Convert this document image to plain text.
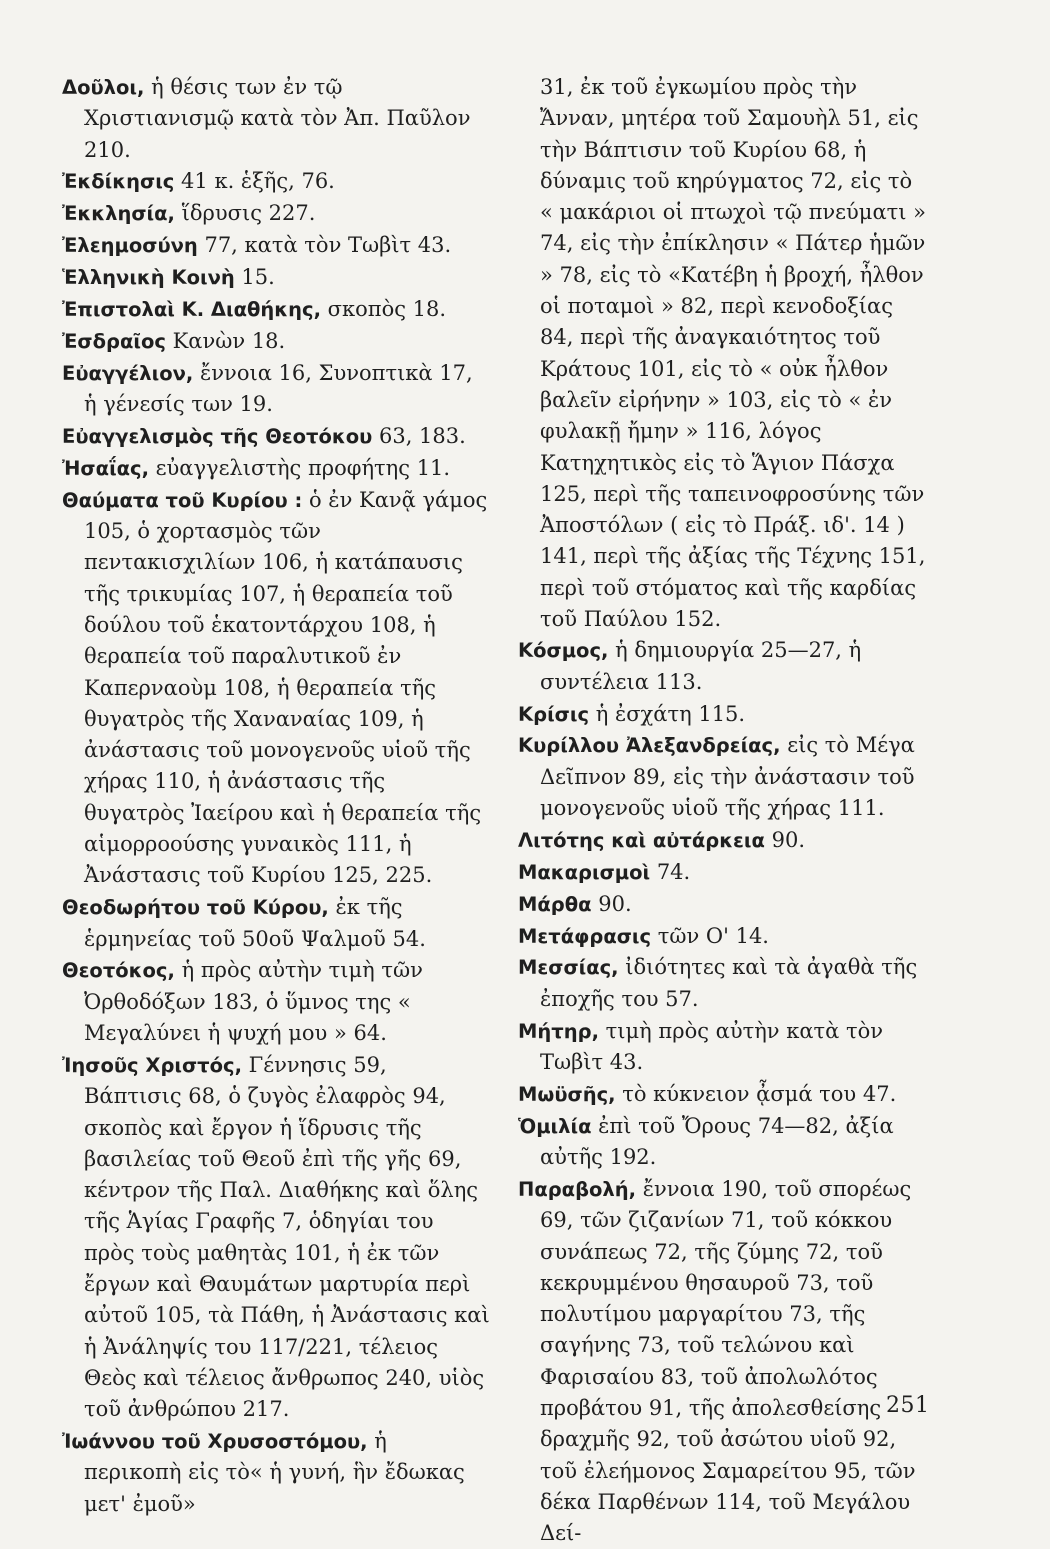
Δοῦλοι, ἡ θέσις των ἐν τῷ Χριστιανισμῷ κατὰ τὸν Ἀπ. Παῦλον 210.

Ἐκδίκησις 41 κ. ἑξῆς, 76.

Ἐκκλησία, ἵδρυσις 227.

Ἐλεημοσύνη 77, κατὰ τὸν Τωβὶτ 43.

Ἑλληνικὴ Κοινὴ 15.

Ἐπιστολαὶ Κ. Διαθήκης, σκοπὸς 18.

Ἐσδραῖος Κανὼν 18.

Εὐαγγέλιον, ἔννοια 16, Συνοπτικὰ 17, ἡ γένεσίς των 19.

Εὐαγγελισμὸς τῆς Θεοτόκου 63, 183.

Ἠσαΐας, εὐαγγελιστὴς προφήτης 11.

Θαύματα τοῦ Κυρίου : ὁ ἐν Κανᾷ γάμος 105, ὁ χορτασμὸς τῶν πεντακισχιλίων 106, ἡ κατάπαυσις τῆς τρικυμίας 107, ἡ θεραπεία τοῦ δούλου τοῦ ἑκατοντάρχου 108, ἡ θεραπεία τοῦ παραλυτικοῦ ἐν Καπερναοὺμ 108, ἡ θεραπεία τῆς θυγατρὸς τῆς Χαναναίας 109, ἡ ἀνάστασις τοῦ μονογενοῦς υἱοῦ τῆς χήρας 110, ἡ ἀνάστασις τῆς θυγατρὸς Ἰαείρου καὶ ἡ θεραπεία τῆς αἱμορροούσης γυναικὸς 111, ἡ Ἀνάστασις τοῦ Κυρίου 125, 225.

Θεοδωρήτου τοῦ Κύρου, ἐκ τῆς ἑρμηνείας τοῦ 50οῦ Ψαλμοῦ 54.

Θεοτόκος, ἡ πρὸς αὐτὴν τιμὴ τῶν Ὀρθοδόξων 183, ὁ ὕμνος της « Μεγαλύνει ἡ ψυχή μου » 64.

Ἰησοῦς Χριστός, Γέννησις 59, Βάπτισις 68, ὁ ζυγὸς ἐλαφρὸς 94, σκοπὸς καὶ ἔργον ἡ ἵδρυσις τῆς βασιλείας τοῦ Θεοῦ ἐπὶ τῆς γῆς 69, κέντρον τῆς Παλ. Διαθήκης καὶ ὅλης τῆς Ἁγίας Γραφῆς 7, ὁδηγίαι του πρὸς τοὺς μαθητὰς 101, ἡ ἐκ τῶν ἔργων καὶ Θαυμάτων μαρτυρία περὶ αὐτοῦ 105, τὰ Πάθη, ἡ Ἀνάστασις καὶ ἡ Ἀνάληψίς του 117/221, τέλειος Θεὸς καὶ τέλειος ἄνθρωπος 240, υἱὸς τοῦ ἀνθρώπου 217.

Ἰωάννου τοῦ Χρυσοστόμου, ἡ περικοπὴ εἰς τὸ« ἡ γυνή, ἣν ἔδωκας μετ' ἐμοῦ»

31, ἐκ τοῦ ἐγκωμίου πρὸς τὴν Ἄνναν, μητέρα τοῦ Σαμουὴλ 51, εἰς τὴν Βάπτισιν τοῦ Κυρίου 68, ἡ δύναμις τοῦ κηρύγματος 72, εἰς τὸ « μακάριοι οἱ πτωχοὶ τῷ πνεύματι » 74, εἰς τὴν ἐπίκλησιν « Πάτερ ἡμῶν » 78, εἰς τὸ «Κατέβη ἡ βροχή, ἦλθον οἱ ποταμοὶ » 82, περὶ κενοδοξίας 84, περὶ τῆς ἀναγκαιότητος τοῦ Κράτους 101, εἰς τὸ « οὐκ ἦλθον βαλεῖν εἰρήνην » 103, εἰς τὸ « ἐν φυλακῇ ἤμην » 116, λόγος Κατηχητικὸς εἰς τὸ Ἅγιον Πάσχα 125, περὶ τῆς ταπεινοφροσύνης τῶν Ἀποστόλων ( εἰς τὸ Πράξ. ιδ'. 14 ) 141, περὶ τῆς ἀξίας τῆς Τέχνης 151, περὶ τοῦ στόματος καὶ τῆς καρδίας τοῦ Παύλου 152.

Κόσμος, ἡ δημιουργία 25—27, ἡ συντέλεια 113.

Κρίσις ἡ ἐσχάτη 115.

Κυρίλλου Ἀλεξανδρείας, εἰς τὸ Μέγα Δεῖπνον 89, εἰς τὴν ἀνάστασιν τοῦ μονογενοῦς υἱοῦ τῆς χήρας 111.

Λιτότης καὶ αὐτάρκεια 90.

Μακαρισμοὶ 74.

Μάρθα 90.

Μετάφρασις τῶν Ο' 14.

Μεσσίας, ἰδιότητες καὶ τὰ ἀγαθὰ τῆς ἐποχῆς του 57.

Μήτηρ, τιμὴ πρὸς αὐτὴν κατὰ τὸν Τωβὶτ 43.

Μωϋσῆς, τὸ κύκνειον ᾆσμά του 47.

Ὁμιλία ἐπὶ τοῦ Ὄρους 74—82, ἀξία αὐτῆς 192.

Παραβολή, ἔννοια 190, τοῦ σπορέως 69, τῶν ζιζανίων 71, τοῦ κόκκου συνάπεως 72, τῆς ζύμης 72, τοῦ κεκρυμμένου θησαυροῦ 73, τοῦ πολυτίμου μαργαρίτου 73, τῆς σαγήνης 73, τοῦ τελώνου καὶ Φαρισαίου 83, τοῦ ἀπολωλότος προβάτου 91, τῆς ἀπολεσθείσης δραχμῆς 92, τοῦ ἀσώτου υἱοῦ 92, τοῦ ἐλεήμονος Σαμαρείτου 95, τῶν δέκα Παρθένων 114, τοῦ Μεγάλου Δεί-

251
